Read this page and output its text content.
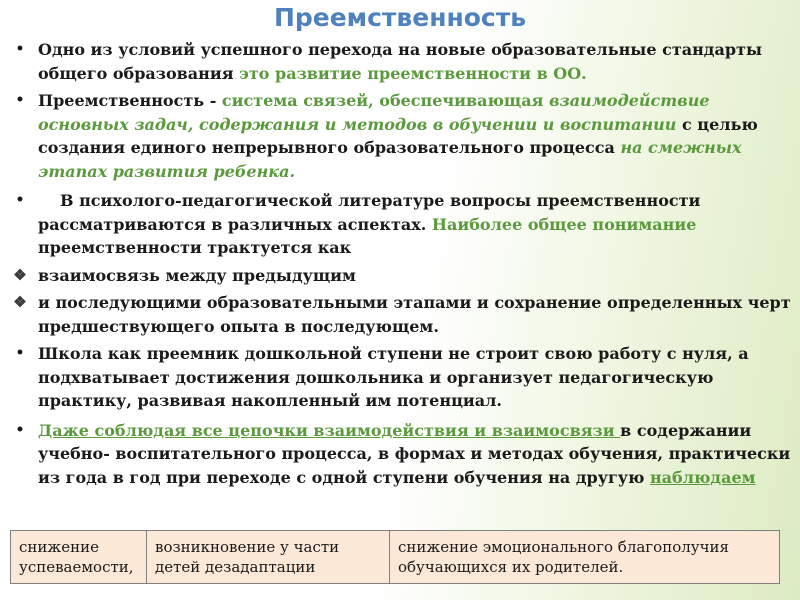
Преемственность

• Одно из условий успешного перехода на новые образовательные стандарты общего образования это развитие преемственности в ОО.

• Преемственность - система связей, обеспечивающая взаимодействие основных задач, содержания и методов в обучении и воспитании с целью создания единого непрерывного образовательного процесса на смежных этапах развития ребенка.

•	В психолого-педагогической литературе вопросы преемственности рассматриваются в различных аспектах. Наиболее общее понимание преемственности трактуется как

❖ взаимосвязь между предыдущим

❖ и последующими образовательными этапами и сохранение определенных черт предшествующего опыта в последующем.

• Школа как преемник дошкольной ступени не строит свою работу с нуля, а подхватывает достижения дошкольника и организует педагогическую практику, развивая накопленный им потенциал.

• Даже соблюдая все цепочки взаимодействия и взаимосвязи в содержании учебно- воспитательного процесса, в формах и методах обучения, практически из года в год при переходе с одной ступени обучения на другую наблюдаем

снижение успеваемости,	возникновение у части детей дезадаптации	снижение эмоционального благополучия обучающихся их родителей.
